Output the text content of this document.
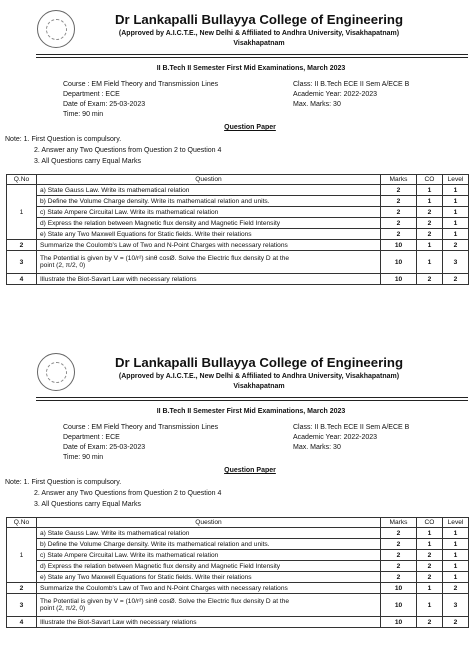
Dr Lankapalli Bullayya College of Engineering
(Approved by A.I.C.T.E., New Delhi & Affiliated to Andhra University, Visakhapatnam)
Visakhapatnam
II B.Tech II Semester First Mid Examinations, March 2023
Course : EM Field Theory and Transmission Lines
Department : ECE
Date of Exam: 25-03-2023
Time: 90 min
Class: II B.Tech ECE II Sem A/ECE B
Academic Year: 2022-2023
Max. Marks: 30
Question Paper
Note: 1. First Question is compulsory.
2. Answer any Two Questions from Question 2 to Question 4
3. All Questions carry Equal Marks
Q.No	Question	Marks	CO	Level
1	a) State Gauss Law. Write its mathematical relation	2	1	1
	b) Define the Volume Charge density. Write its mathematical relation and units.	2	1	1
	c) State Ampere Circuital Law. Write its mathematical relation	2	2	1
	d) Express the relation between Magnetic flux density and Magnetic Field Intensity	2	2	1
	e) State any Two Maxwell Equations for Static fields. Write their relations	2	2	1
2	Summarize the Coulomb's Law of Two and N-Point Charges with necessary relations	10	1	2
3	The Potential is given by V = (10/r²) sinθ cosØ. Solve the Electric flux density D at the
point (2, π/2, 0)	10	1	3
4	Illustrate the Biot-Savart Law with necessary relations	10	2	2
Dr Lankapalli Bullayya College of Engineering
(Approved by A.I.C.T.E., New Delhi & Affiliated to Andhra University, Visakhapatnam)
Visakhapatnam
II B.Tech II Semester First Mid Examinations, March 2023
Course : EM Field Theory and Transmission Lines
Department : ECE
Date of Exam: 25-03-2023
Time: 90 min
Class: II B.Tech ECE II Sem A/ECE B
Academic Year: 2022-2023
Max. Marks: 30
Question Paper
Note: 1. First Question is compulsory.
2. Answer any Two Questions from Question 2 to Question 4
3. All Questions carry Equal Marks
Q.No	Question	Marks	CO	Level
1	a) State Gauss Law. Write its mathematical relation	2	1	1
	b) Define the Volume Charge density. Write its mathematical relation and units.	2	1	1
	c) State Ampere Circuital Law. Write its mathematical relation	2	2	1
	d) Express the relation between Magnetic flux density and Magnetic Field Intensity	2	2	1
	e) State any Two Maxwell Equations for Static fields. Write their relations	2	2	1
2	Summarize the Coulomb's Law of Two and N-Point Charges with necessary relations	10	1	2
3	The Potential is given by V = (10/r²) sinθ cosØ. Solve the Electric flux density D at the
point (2, π/2, 0)	10	1	3
4	Illustrate the Biot-Savart Law with necessary relations	10	2	2
